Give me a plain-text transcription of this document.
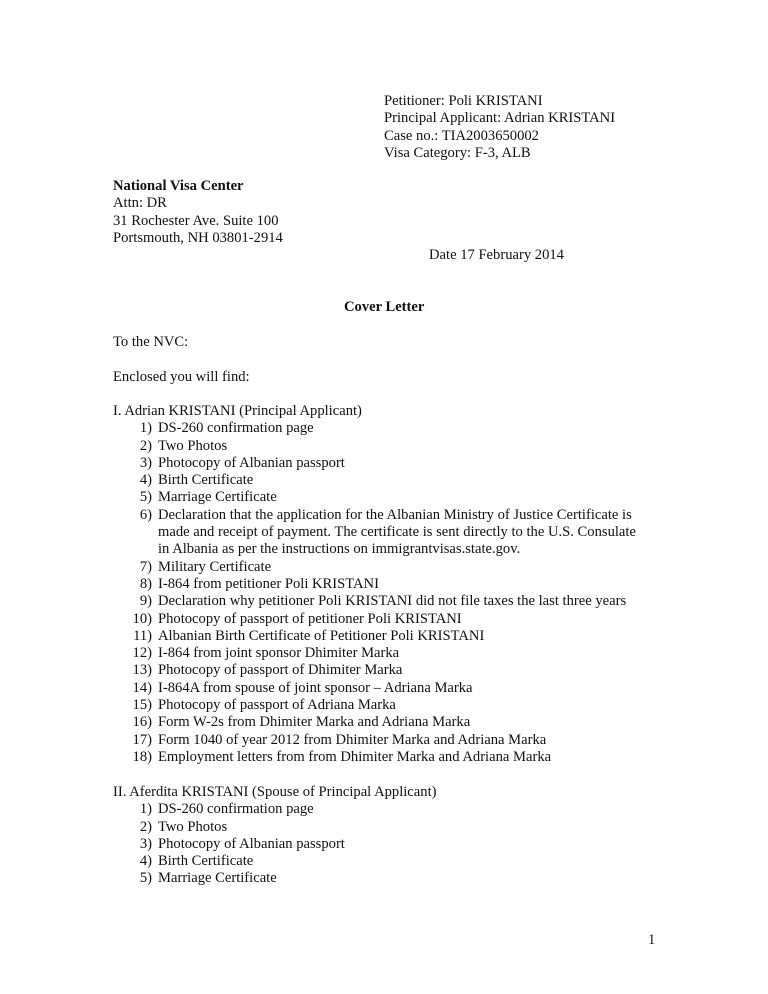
Petitioner: Poli KRISTANI
Principal Applicant: Adrian KRISTANI
Case no.: TIA2003650002
Visa Category: F-3, ALB
National Visa Center
Attn: DR
31 Rochester Ave. Suite 100
Portsmouth, NH 03801-2914
Date 17 February 2014
Cover Letter
To the NVC:
Enclosed you will find:
I. Adrian KRISTANI (Principal Applicant)
1) DS-260 confirmation page
2) Two Photos
3) Photocopy of Albanian passport
4) Birth Certificate
5) Marriage Certificate
6) Declaration that the application for the Albanian Ministry of Justice Certificate is
made and receipt of payment. The certificate is sent directly to the U.S. Consulate
in Albania as per the instructions on immigrantvisas.state.gov.
7) Military Certificate
8) I-864 from petitioner Poli KRISTANI
9) Declaration why petitioner Poli KRISTANI did not file taxes the last three years
10) Photocopy of passport of petitioner Poli KRISTANI
11) Albanian Birth Certificate of Petitioner Poli KRISTANI
12) I-864 from joint sponsor Dhimiter Marka
13) Photocopy of passport of Dhimiter Marka
14) I-864A from spouse of joint sponsor – Adriana Marka
15) Photocopy of passport of Adriana Marka
16) Form W-2s from Dhimiter Marka and Adriana Marka
17) Form 1040 of year 2012 from Dhimiter Marka and Adriana Marka
18) Employment letters from from Dhimiter Marka and Adriana Marka
II. Aferdita KRISTANI (Spouse of Principal Applicant)
1) DS-260 confirmation page
2) Two Photos
3) Photocopy of Albanian passport
4) Birth Certificate
5) Marriage Certificate
1
